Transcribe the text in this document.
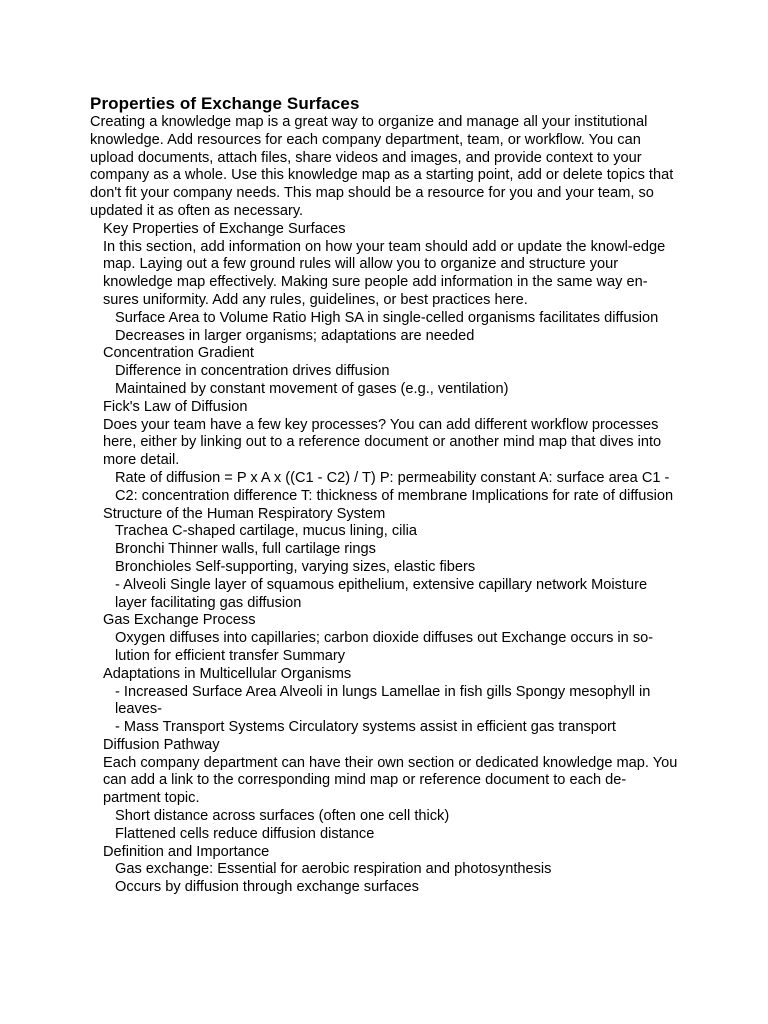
Properties of Exchange Surfaces

Creating a knowledge map is a great way to organize and manage all your institutional knowledge. Add resources for each company department, team, or workflow. You can upload documents, attach files, share videos and images, and provide context to your company as a whole. Use this knowledge map as a starting point, add or delete topics that don't fit your company needs. This map should be a resource for you and your team, so updated it as often as necessary.

Key Properties of Exchange Surfaces

In this section, add information on how your team should add or update the knowl-edge map. Laying out a few ground rules will allow you to organize and structure your knowledge map effectively. Making sure people add information in the same way en-sures uniformity. Add any rules, guidelines, or best practices here.

Surface Area to Volume Ratio High SA in single-celled organisms facilitates diffusion

Decreases in larger organisms; adaptations are needed

Concentration Gradient

Difference in concentration drives diffusion

Maintained by constant movement of gases (e.g., ventilation)

Fick's Law of Diffusion

Does your team have a few key processes? You can add different workflow processes here, either by linking out to a reference document or another mind map that dives into more detail.

Rate of diffusion = P x A x ((C1 - C2) / T) P: permeability constant A: surface area C1 - C2: concentration difference T: thickness of membrane Implications for rate of diffusion

Structure of the Human Respiratory System

Trachea C-shaped cartilage, mucus lining, cilia

Bronchi Thinner walls, full cartilage rings

Bronchioles Self-supporting, varying sizes, elastic fibers

- Alveoli Single layer of squamous epithelium, extensive capillary network Moisture layer facilitating gas diffusion

Gas Exchange Process

Oxygen diffuses into capillaries; carbon dioxide diffuses out Exchange occurs in so-lution for efficient transfer Summary

Adaptations in Multicellular Organisms

- Increased Surface Area Alveoli in lungs Lamellae in fish gills Spongy mesophyll in leaves-

- Mass Transport Systems Circulatory systems assist in efficient gas transport

Diffusion Pathway

Each company department can have their own section or dedicated knowledge map. You can add a link to the corresponding mind map or reference document to each de-partment topic.

Short distance across surfaces (often one cell thick)

Flattened cells reduce diffusion distance

Definition and Importance

Gas exchange: Essential for aerobic respiration and photosynthesis

Occurs by diffusion through exchange surfaces
